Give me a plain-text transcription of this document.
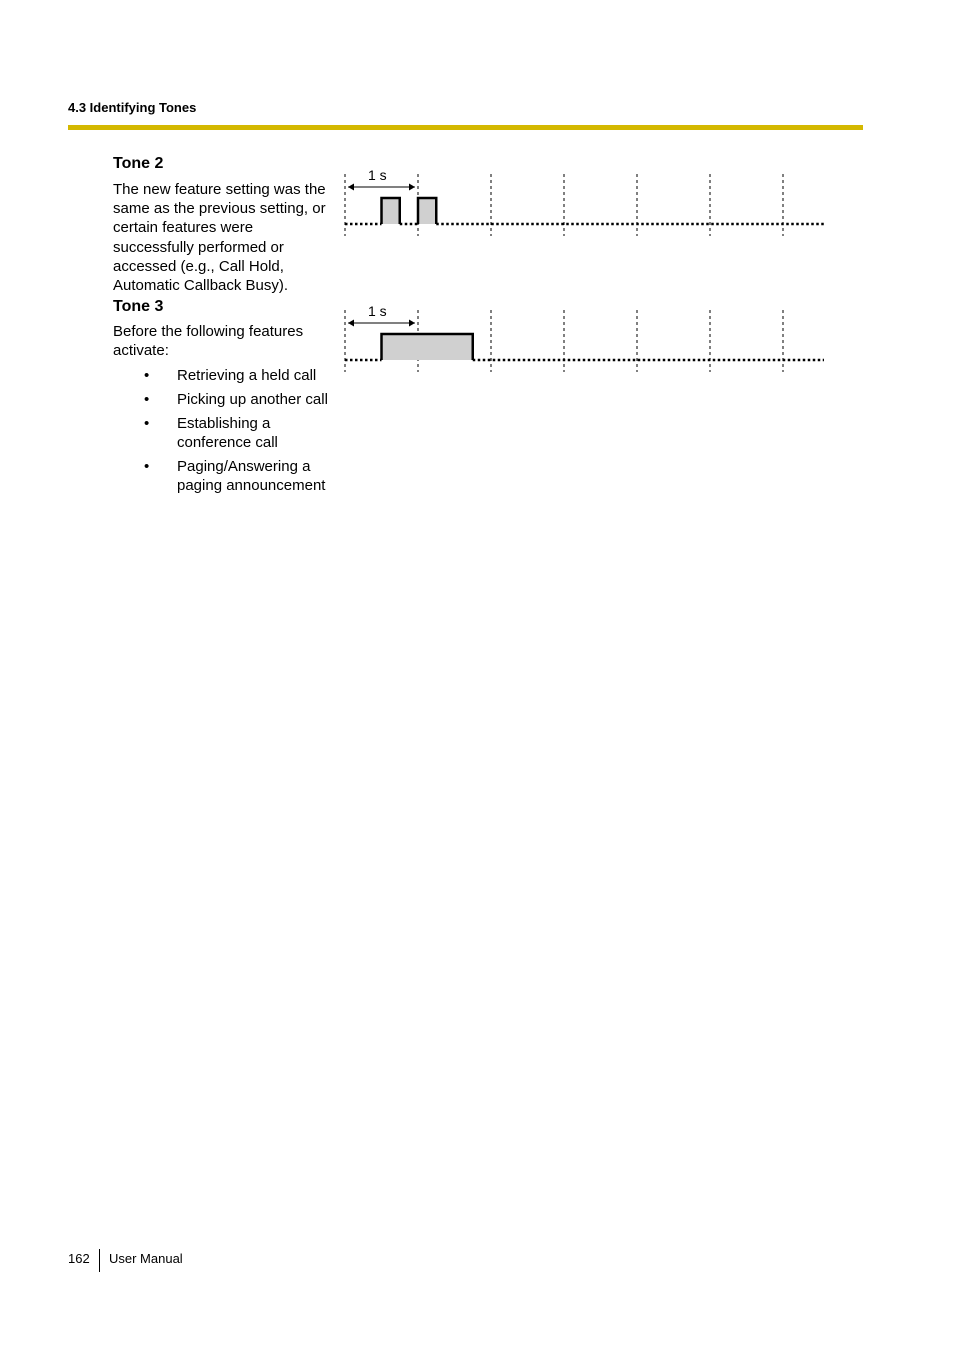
4.3 Identifying Tones

Tone 2

The new feature setting was the same as the previous setting, or certain features were successfully performed or accessed (e.g., Call Hold, Automatic Callback Busy).

Tone 3

Before the following features activate:

• Retrieving a held call
• Picking up another call
• Establishing a conference call
• Paging/Answering a paging announcement
1 s
1 s
162 User Manual
